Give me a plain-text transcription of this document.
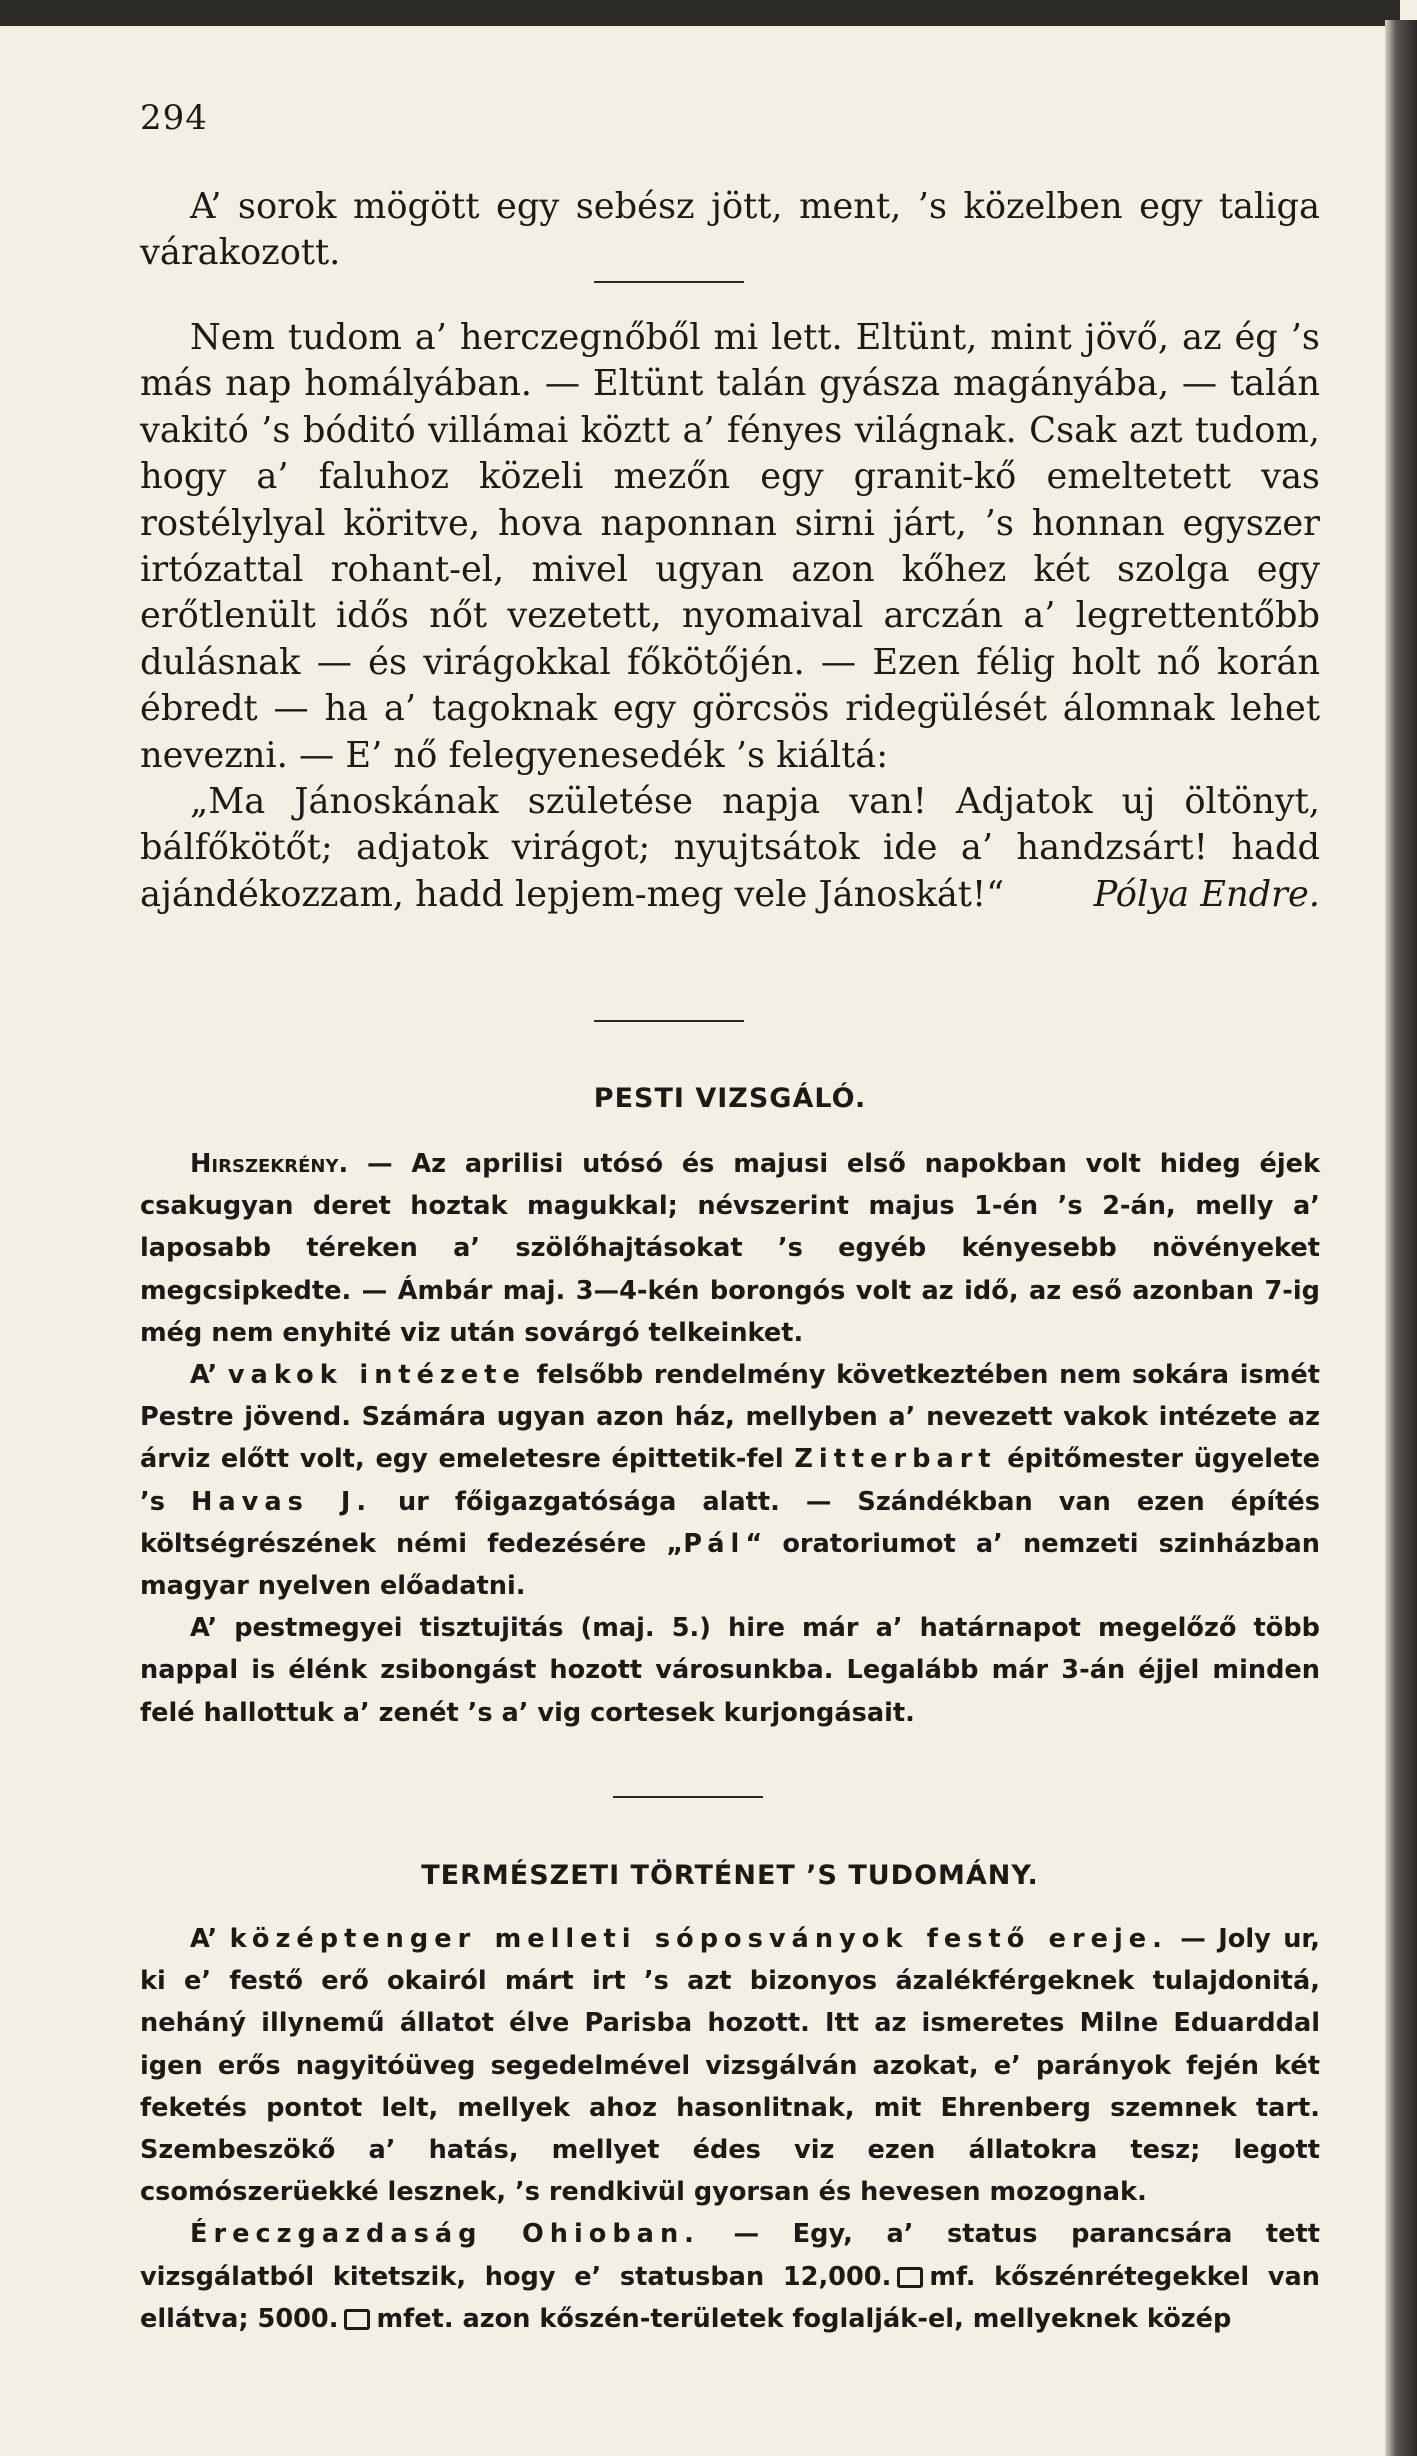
294

A’ sorok mögött egy sebész jött, ment, ’s közelben egy taliga várakozott.

Nem tudom a’ herczegnőből mi lett. Eltünt, mint jövő, az ég ’s más nap homályában. — Eltünt talán gyásza magányába, — talán vakitó ’s bóditó villámai köztt a’ fényes világnak. Csak azt tudom, hogy a’ faluhoz közeli mezőn egy granit-kő emeltetett vas rostélylyal köritve, hova naponnan sirni járt, ’s honnan egyszer irtózattal rohant-el, mivel ugyan azon kőhez két szolga egy erőtlenült idős nőt vezetett, nyomaival arczán a’ legrettentőbb dulásnak — és virágokkal főkötőjén. — Ezen félig holt nő korán ébredt — ha a’ tagoknak egy görcsös ridegülését álomnak lehet nevezni. — E’ nő felegyenesedék ’s kiáltá:

„Ma Jánoskának születése napja van! Adjatok uj öltönyt, bálfőkötőt; adjatok virágot; nyujtsátok ide a’ handzsárt! hadd ajándékozzam, hadd lepjem-meg vele Jánoskát!“	Pólya Endre.

PESTI VIZSGÁLÓ.

Hirszekrény. — Az aprilisi utósó és majusi első napokban volt hideg éjek csakugyan deret hoztak magukkal; névszerint majus 1-én ’s 2-án, melly a’ laposabb téreken a’ szölőhajtásokat ’s egyéb kényesebb növényeket megcsipkedte. — Ámbár maj. 3—4-kén borongós volt az idő, az eső azonban 7-ig még nem enyhité viz után sovárgó telkeinket.

A’ vakok intézete felsőbb rendelmény következtében nem sokára ismét Pestre jövend. Számára ugyan azon ház, mellyben a’ nevezett vakok intézete az árviz előtt volt, egy emeletesre épittetik-fel Zitterbart épitőmester ügyelete ’s Havas J. ur főigazgatósága alatt. — Szándékban van ezen építés költségrészének némi fedezésére „Pál“ oratoriumot a’ nemzeti szinházban magyar nyelven előadatni.

A’ pestmegyei tisztujitás (maj. 5.) hire már a’ határnapot megelőző több nappal is élénk zsibongást hozott városunkba. Legalább már 3-án éjjel minden felé hallottuk a’ zenét ’s a’ vig cortesek kurjongásait.

TERMÉSZETI TÖRTÉNET ’S TUDOMÁNY.

A’ középtenger melleti sóposványok festő ereje. — Joly ur, ki e’ festő erő okairól márt irt ’s azt bizonyos ázalékférgeknek tulajdonitá, neháný illynemű állatot élve Parisba hozott. Itt az ismeretes Milne Eduarddal igen erős nagyitóüveg segedelmével vizsgálván azokat, e’ parányok fején két feketés pontot lelt, mellyek ahoz hasonlitnak, mit Ehrenberg szemnek tart. Szembeszökő a’ hatás, mellyet édes viz ezen állatokra tesz; legott csomószerüekké lesznek, ’s rendkivül gyorsan és hevesen mozognak.

Éreczgazdaság Ohioban. — Egy, a’ status parancsára tett vizsgálatból kitetszik, hogy e’ statusban 12,000. mf. kőszénrétegekkel van ellátva; 5000. mfet. azon kőszén-területek foglalják-el, mellyeknek közép
